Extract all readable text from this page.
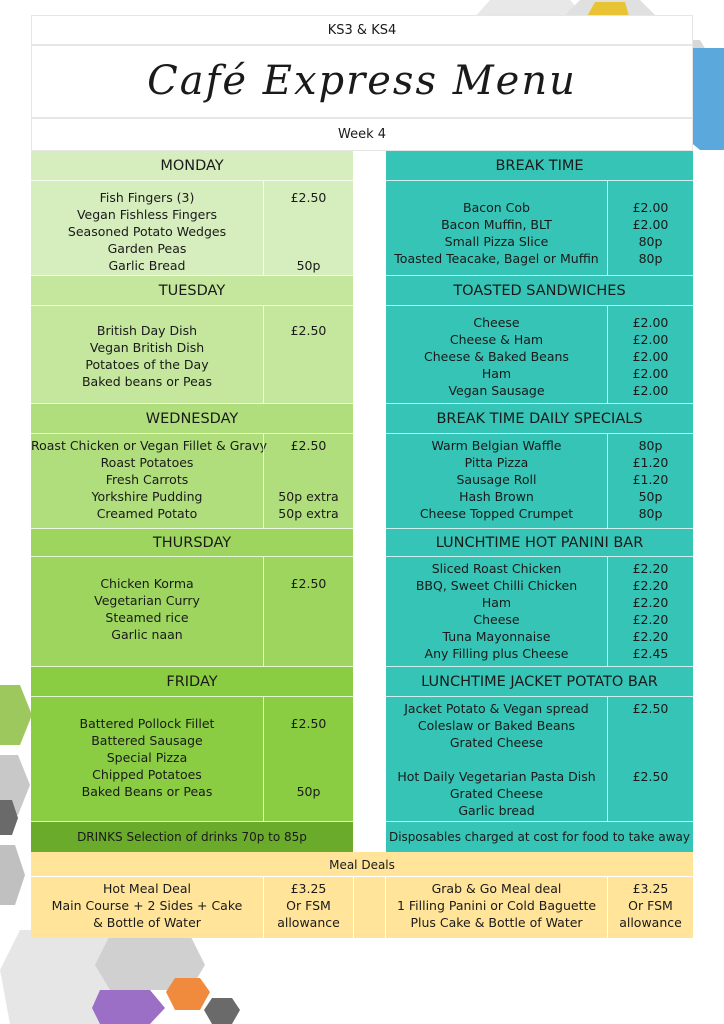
KS3 & KS4
Café Express Menu
Week 4
MONDAY
Fish Fingers (3)
Vegan Fishless Fingers
Seasoned Potato Wedges
Garden Peas
Garlic Bread
£2.50

50p
BREAK TIME
Bacon Cob
Bacon Muffin, BLT
Small Pizza Slice
Toasted Teacake, Bagel or Muffin
£2.00
£2.00
80p
80p
TUESDAY
British Day Dish
Vegan British Dish
Potatoes of the Day
Baked beans or Peas
£2.50

TOASTED SANDWICHES
Cheese
Cheese & Ham
Cheese & Baked Beans
Ham
Vegan Sausage
£2.00
£2.00
£2.00
£2.00
£2.00
WEDNESDAY
Roast Chicken or Vegan Fillet & Gravy
Roast Potatoes
Fresh Carrots
Yorkshire Pudding
Creamed Potato
£2.50

50p extra
50p extra
BREAK TIME DAILY SPECIALS
Warm Belgian Waffle
Pitta Pizza
Sausage Roll
Hash Brown
Cheese Topped Crumpet
80p
£1.20
£1.20
50p
80p
THURSDAY
Chicken Korma
Vegetarian Curry
Steamed rice
Garlic naan
£2.50

LUNCHTIME HOT PANINI BAR
Sliced Roast Chicken
BBQ, Sweet Chilli Chicken
Ham
Cheese
Tuna Mayonnaise
Any Filling plus Cheese
£2.20
£2.20
£2.20
£2.20
£2.20
£2.45
FRIDAY
Battered Pollock Fillet
Battered Sausage
Special Pizza
Chipped Potatoes
Baked Beans or Peas
£2.50

50p
LUNCHTIME JACKET POTATO BAR
Jacket Potato & Vegan spread
Coleslaw or Baked Beans
Grated Cheese

Hot Daily Vegetarian Pasta Dish
Grated Cheese
Garlic bread
£2.50

£2.50

DRINKS Selection of drinks 70p to 85p	Disposables charged at cost for food to take away
Meal Deals
Hot Meal Deal
Main Course + 2 Sides + Cake
& Bottle of Water
£3.25
Or FSM
allowance
Grab & Go Meal deal
1 Filling Panini or Cold Baguette
Plus Cake & Bottle of Water
£3.25
Or FSM
allowance
